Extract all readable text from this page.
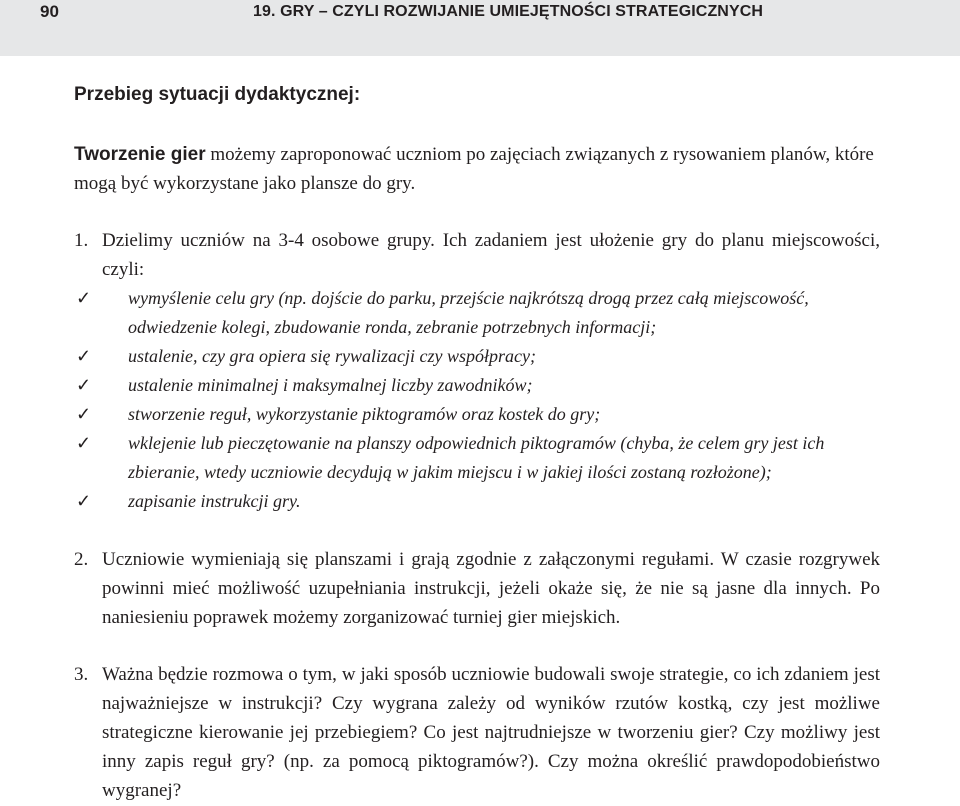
90	19. GRY – CZYLI ROZWIJANIE UMIEJĘTNOŚCI STRATEGICZNYCH
Przebieg sytuacji dydaktycznej:
Tworzenie gier możemy zaproponować uczniom po zajęciach związanych z rysowaniem planów, które mogą być wykorzystane jako plansze do gry.
1. Dzielimy uczniów na 3-4 osobowe grupy. Ich zadaniem jest ułożenie gry do planu miejscowości, czyli:
✓	wymyślenie celu gry (np. dojście do parku, przejście najkrótszą drogą przez całą miejscowość, odwiedzenie kolegi, zbudowanie ronda, zebranie potrzebnych informacji;
✓	ustalenie, czy gra opiera się rywalizacji czy współpracy;
✓	ustalenie minimalnej i maksymalnej liczby zawodników;
✓	stworzenie reguł, wykorzystanie piktogramów oraz kostek do gry;
✓	wklejenie lub pieczętowanie na planszy odpowiednich piktogramów (chyba, że celem gry jest ich zbieranie, wtedy uczniowie decydują w jakim miejscu i w jakiej ilości zostaną rozłożone);
✓	zapisanie instrukcji gry.
2. Uczniowie wymieniają się planszami i grają zgodnie z załączonymi regułami. W czasie rozgrywek powinni mieć możliwość uzupełniania instrukcji, jeżeli okaże się, że nie są jasne dla innych. Po naniesieniu poprawek możemy zorganizować turniej gier miejskich.
3. Ważna będzie rozmowa o tym, w jaki sposób uczniowie budowali swoje strategie, co ich zdaniem jest najważniejsze w instrukcji? Czy wygrana zależy od wyników rzutów kostką, czy jest możliwe strategiczne kierowanie jej przebiegiem? Co jest najtrudniejsze w tworzeniu gier? Czy możliwy jest inny zapis reguł gry? (np. za pomocą piktogramów?). Czy można określić prawdopodobieństwo wygranej?
